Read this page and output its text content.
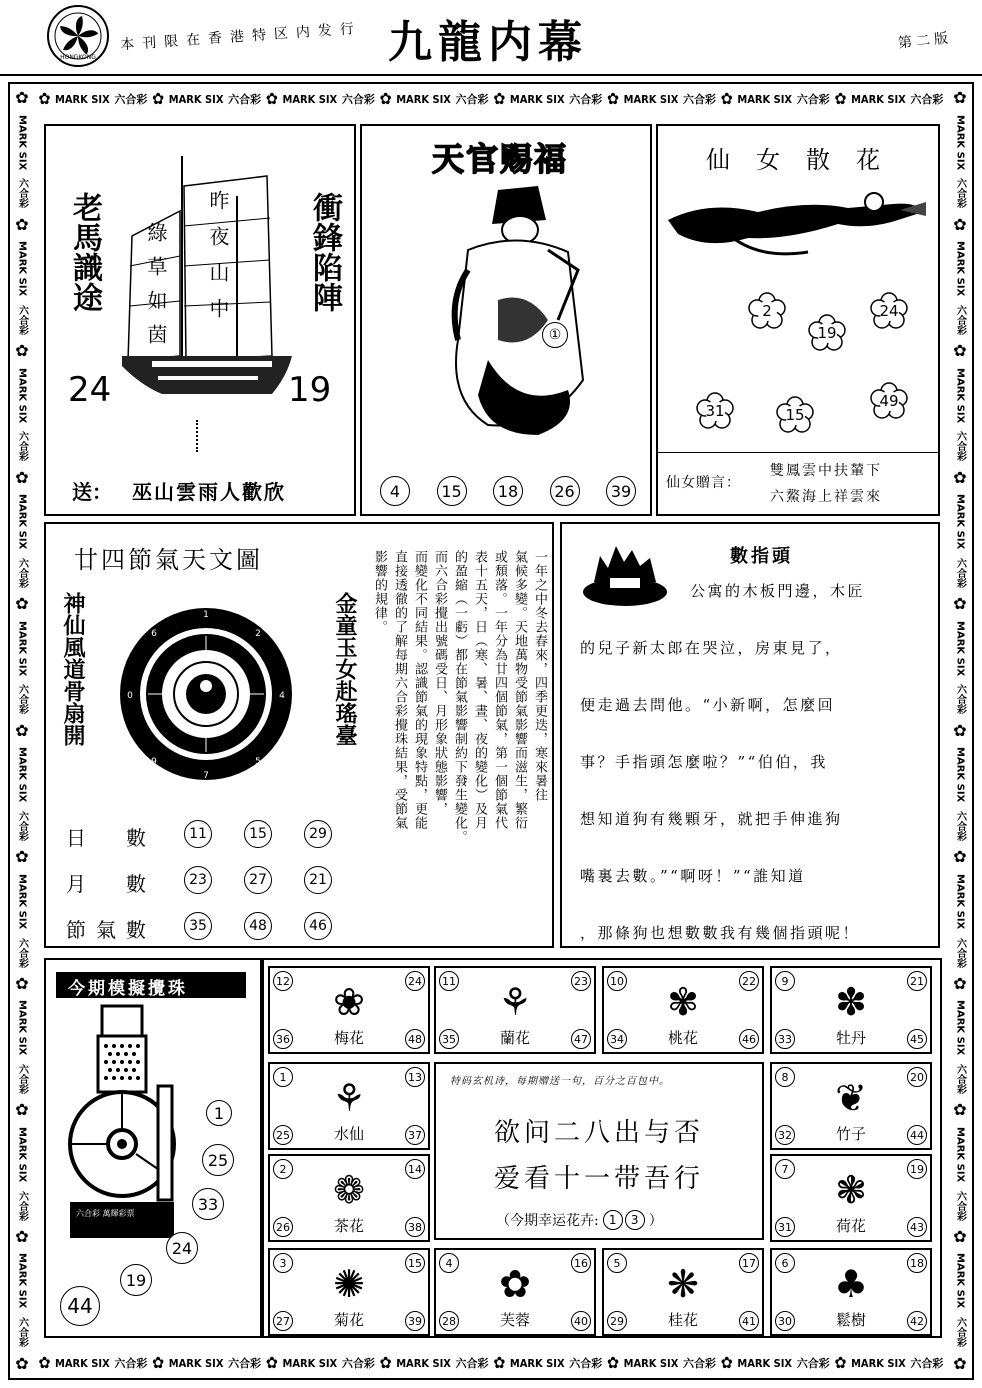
HONGKONG
本刊限在香港特区内发行 九龍内幕	第二版
✿ MARK SIX 六合彩 ✿ MARK SIX 六合彩 ✿ MARK SIX 六合彩 ✿ MARK SIX 六合彩 ✿ MARK SIX 六合彩 ✿ MARK SIX 六合彩 ✿ MARK SIX 六合彩 ✿ MARK SIX 六合彩
✿ MARK SIX 六合彩 ✿ MARK SIX 六合彩 ✿ MARK SIX 六合彩 ✿ MARK SIX 六合彩 ✿ MARK SIX 六合彩 ✿ MARK SIX 六合彩 ✿ MARK SIX 六合彩 ✿ MARK SIX 六合彩
✿
MARK SIX
六合彩
✿
MARK SIX
六合彩
✿
MARK SIX
六合彩
✿
MARK SIX
六合彩
✿
MARK SIX
六合彩
✿
MARK SIX
六合彩
✿
MARK SIX
六合彩
✿
MARK SIX
六合彩
✿
MARK SIX
六合彩
✿
MARK SIX
六合彩
✿
✿
MARK SIX
六合彩
✿
MARK SIX
六合彩
✿
MARK SIX
六合彩
✿
MARK SIX
六合彩
✿
MARK SIX
六合彩
✿
MARK SIX
六合彩
✿
MARK SIX
六合彩
✿
MARK SIX
六合彩
✿
MARK SIX
六合彩
✿
MARK SIX
六合彩
✿
老馬識途	衝鋒陷陣
昨夜山中
綠草如茵
24	19
送： 巫山雲雨人歡欣
天官赐福
①
4	15	18	26	39
仙女散花
仙女贈言：
雙鳳雲中扶輦下
六鰲海上祥雲來
2
19
24
31	15
49
廿四節氣天文圖
神仙風道骨扇開	金童玉女赴瑤臺
1
4
7
0
2
5
9
6	一年之中冬去春來，四季更迭，寒來暑往
氣候多變。天地萬物受節氣影響而滋生，繁衍
或頹落。一年分為廿四個節氣，第一個節氣代
表十五天，日（寒、暑、晝、夜的變化）及月
的盈縮（一虧）都在節氣影響制約下發生變化。
而六合彩攪出號碼受日、月形象狀態影響，
而變化不同結果。認識節氣的現象特點，更能
直接透徹的了解每期六合彩攪珠結果，受節氣
影響的規律。
日　數	11	15	29
月　數	23	27	21
節氣數	35	48	46
數指頭
公寓的木板門邊，木匠
的兒子新太郎在哭泣，房東見了，
便走過去問他。“小新啊，怎麼回
事？手指頭怎麼啦？”“伯伯，我
想知道狗有幾顆牙，就把手伸進狗
嘴裏去數。”“啊呀！”“誰知道
，那條狗也想數數我有幾個指頭呢！
今期模擬攪珠
六合彩 萬輝彩票
1
25
33
24
19
44
特码玄机诗，每期赠送一句，百分之百包中。
欲问二八出与否
爱看十一带吾行
（今期幸运花卉: 1	3 ）
❀
梅花
12	24
36	48
⚘
蘭花
11	23
35	47
✾
桃花
10	22
34	46
✽
牡丹
9	21
33	45
⚘
水仙
1	13
25	37
❦
竹子
8	20
32	44
❁
茶花
2	14
26	38
❃
荷花
7	19
31	43
✺
菊花
3	15
27	39
✿
芙蓉
4	16
28	40
❋
桂花
5	17
29	41
♣
鬆樹
6	18
30	42
